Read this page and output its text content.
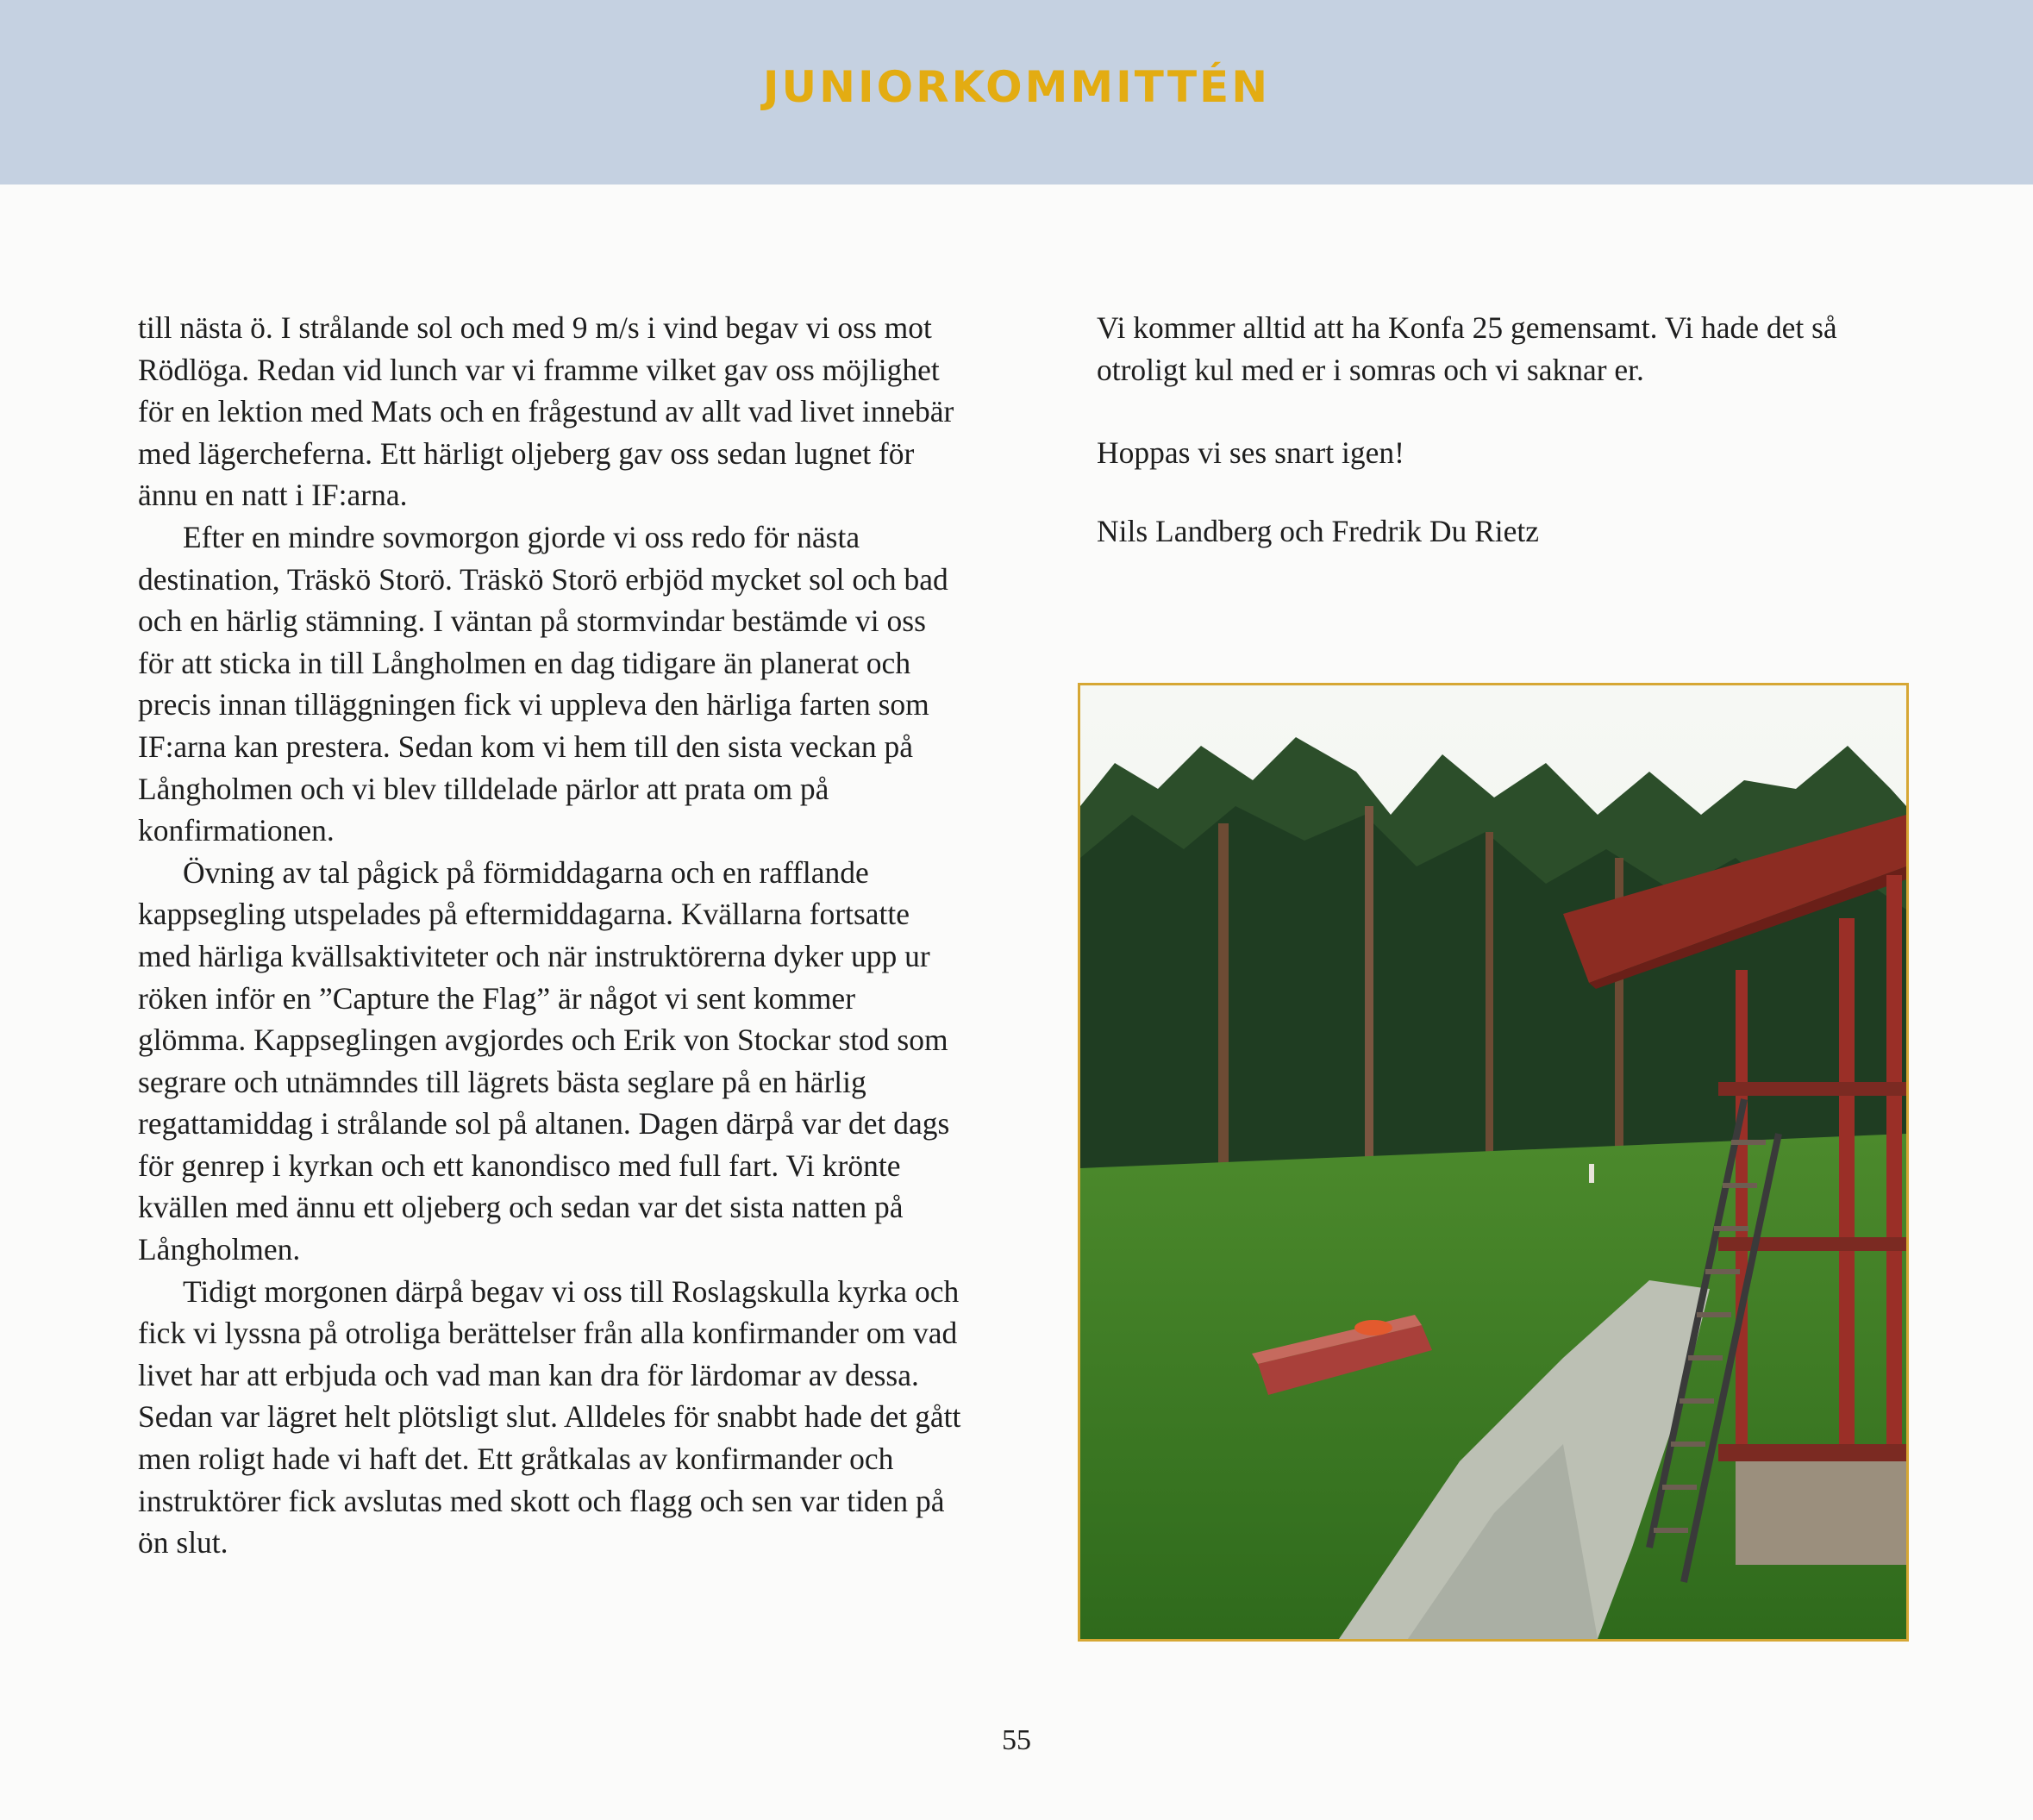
JUNIORKOMMITTÉN

till nästa ö. I strålande sol och med 9 m/s i vind begav vi oss mot Rödlöga. Redan vid lunch var vi framme vilket gav oss möjlighet för en lektion med Mats och en frågestund av allt vad livet innebär med lägercheferna. Ett härligt oljeberg gav oss sedan lugnet för ännu en natt i IF:arna.

Efter en mindre sovmorgon gjorde vi oss redo för nästa destination, Träskö Storö. Träskö Storö erbjöd mycket sol och bad och en härlig stämning. I väntan på stormvindar bestämde vi oss för att sticka in till Långholmen en dag tidigare än planerat och precis innan tilläggningen fick vi uppleva den härliga farten som IF:arna kan prestera. Sedan kom vi hem till den sista veckan på Långholmen och vi blev tilldelade pärlor att prata om på konfirmationen.

Övning av tal pågick på förmiddagarna och en rafflande kappsegling utspelades på eftermiddagarna. Kvällarna fortsatte med härliga kvällsaktiviteter och när instruktörerna dyker upp ur röken inför en ”Capture the Flag” är något vi sent kommer glömma. Kappseglingen avgjordes och Erik von Stockar stod som segrare och utnämndes till lägrets bästa seglare på en härlig regattamiddag i strålande sol på altanen. Dagen därpå var det dags för genrep i kyrkan och ett kanondisco med full fart. Vi krönte kvällen med ännu ett oljeberg och sedan var det sista natten på Långholmen.

Tidigt morgonen därpå begav vi oss till Roslagskulla kyrka och fick vi lyssna på otroliga berättelser från alla konfirmander om vad livet har att erbjuda och vad man kan dra för lärdomar av dessa. Sedan var lägret helt plötsligt slut. Alldeles för snabbt hade det gått men roligt hade vi haft det. Ett gråtkalas av konfirmander och instruktörer fick avslutas med skott och flagg och sen var tiden på ön slut.

Vi kommer alltid att ha Konfa 25 gemensamt. Vi hade det så otroligt kul med er i somras och vi saknar er.

Hoppas vi ses snart igen!

Nils Landberg och Fredrik Du Rietz

55
